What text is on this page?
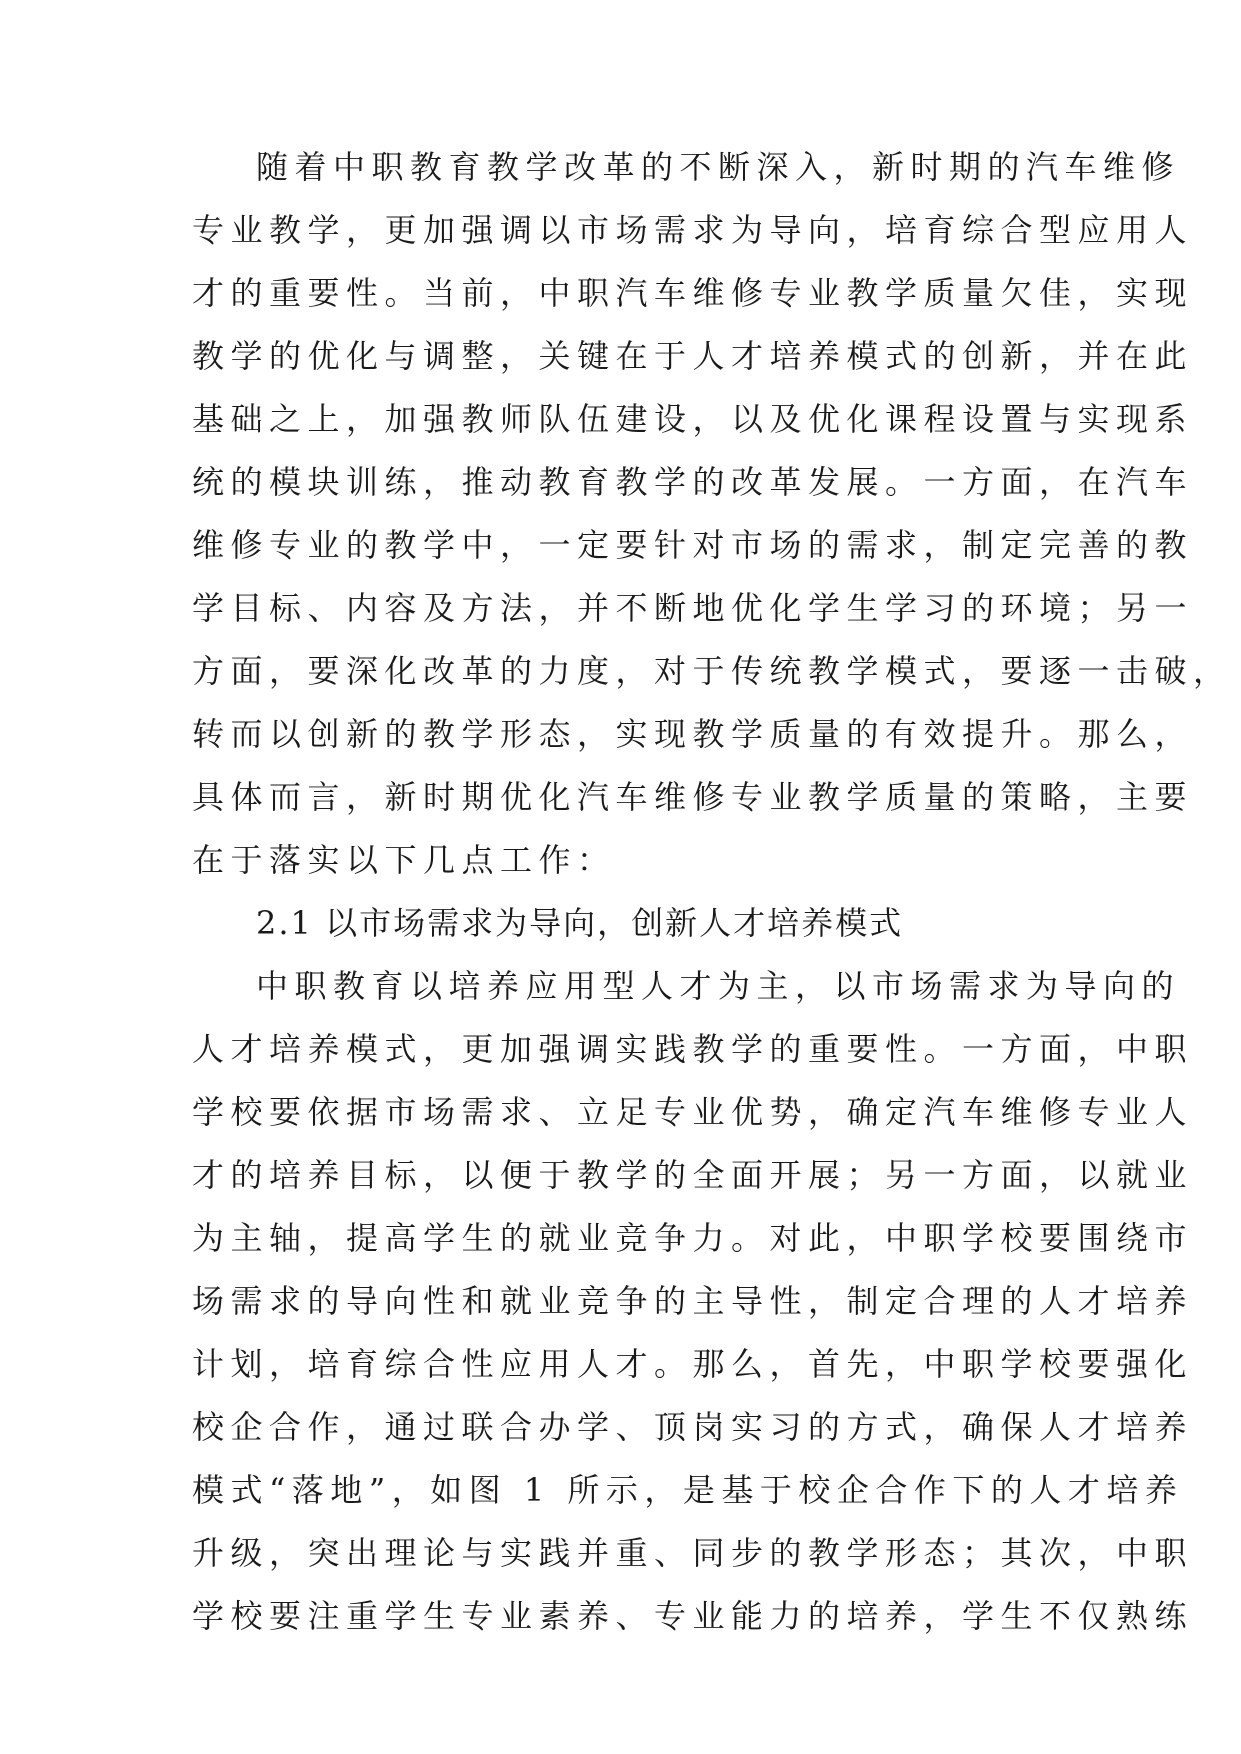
随着中职教育教学改革的不断深入，新时期的汽车维修
专业教学，更加强调以市场需求为导向，培育综合型应用人
才的重要性。当前，中职汽车维修专业教学质量欠佳，实现
教学的优化与调整，关键在于人才培养模式的创新，并在此
基础之上，加强教师队伍建设，以及优化课程设置与实现系
统的模块训练，推动教育教学的改革发展。一方面，在汽车
维修专业的教学中，一定要针对市场的需求，制定完善的教
学目标、内容及方法，并不断地优化学生学习的环境；另一
方面，要深化改革的力度，对于传统教学模式，要逐一击破，
转而以创新的教学形态，实现教学质量的有效提升。那么，
具体而言，新时期优化汽车维修专业教学质量的策略，主要
在于落实以下几点工作：
2.1 以市场需求为导向，创新人才培养模式
中职教育以培养应用型人才为主，以市场需求为导向的
人才培养模式，更加强调实践教学的重要性。一方面，中职
学校要依据市场需求、立足专业优势，确定汽车维修专业人
才的培养目标，以便于教学的全面开展；另一方面，以就业
为主轴，提高学生的就业竞争力。对此，中职学校要围绕市
场需求的导向性和就业竞争的主导性，制定合理的人才培养
计划，培育综合性应用人才。那么，首先，中职学校要强化
校企合作，通过联合办学、顶岗实习的方式，确保人才培养
模式“落地”，如图 1 所示，是基于校企合作下的人才培养
升级，突出理论与实践并重、同步的教学形态；其次，中职
学校要注重学生专业素养、专业能力的培养，学生不仅熟练
